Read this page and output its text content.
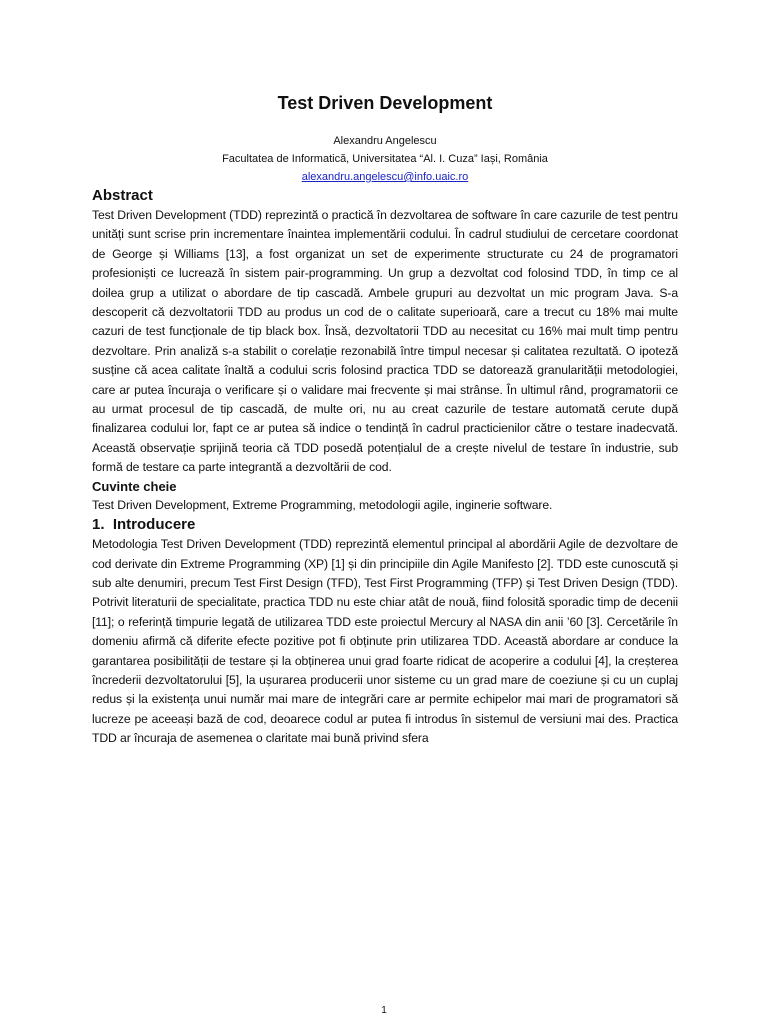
Test Driven Development
Alexandru Angelescu
Facultatea de Informatică, Universitatea “Al. I. Cuza” Iași, România
alexandru.angelescu@info.uaic.ro
Abstract

Test Driven Development (TDD) reprezintă o practică în dezvoltarea de software în care cazurile de test pentru unități sunt scrise prin incrementare înaintea implementării codului. În cadrul studiului de cercetare coordonat de George și Williams [13], a fost organizat un set de experimente structurate cu 24 de programatori profesioniști ce lucrează în sistem pair-programming. Un grup a dezvoltat cod folosind TDD, în timp ce al doilea grup a utilizat o abordare de tip cascadă. Ambele grupuri au dezvoltat un mic program Java. S-a descoperit că dezvoltatorii TDD au produs un cod de o calitate superioară, care a trecut cu 18% mai multe cazuri de test funcționale de tip black box. Însă, dezvoltatorii TDD au necesitat cu 16% mai mult timp pentru dezvoltare. Prin analiză s-a stabilit o corelație rezonabilă între timpul necesar și calitatea rezultată. O ipoteză susține că acea calitate înaltă a codului scris folosind practica TDD se datorează granularității metodologiei, care ar putea încuraja o verificare și o validare mai frecvente și mai strânse. În ultimul rând, programatorii ce au urmat procesul de tip cascadă, de multe ori, nu au creat cazurile de testare automată cerute după finalizarea codului lor, fapt ce ar putea să indice o tendință în cadrul practicienilor către o testare inadecvată. Această observație sprijină teoria că TDD posedă potențialul de a crește nivelul de testare în industrie, sub formă de testare ca parte integrantă a dezvoltării de cod.

Cuvinte cheie

Test Driven Development, Extreme Programming, metodologii agile, inginerie software.

1.  Introducere

Metodologia Test Driven Development (TDD) reprezintă elementul principal al abordării Agile de dezvoltare de cod derivate din Extreme Programming (XP) [1] și din principiile din Agile Manifesto [2]. TDD este cunoscută și sub alte denumiri, precum Test First Design (TFD), Test First Programming (TFP) și Test Driven Design (TDD). Potrivit literaturii de specialitate, practica TDD nu este chiar atât de nouă, fiind folosită sporadic timp de decenii [11]; o referință timpurie legată de utilizarea TDD este proiectul Mercury al NASA din anii ’60 [3]. Cercetările în domeniu afirmă că diferite efecte pozitive pot fi obținute prin utilizarea TDD. Această abordare ar conduce la garantarea posibilității de testare și la obținerea unui grad foarte ridicat de acoperire a codului [4], la creșterea încrederii dezvoltatorului [5], la ușurarea producerii unor sisteme cu un grad mare de coeziune și cu un cuplaj redus și la existența unui număr mai mare de integrări care ar permite echipelor mai mari de programatori să lucreze pe aceeași bază de cod, deoarece codul ar putea fi introdus în sistemul de versiuni mai des. Practica TDD ar încuraja de asemenea o claritate mai bună privind sfera

1
